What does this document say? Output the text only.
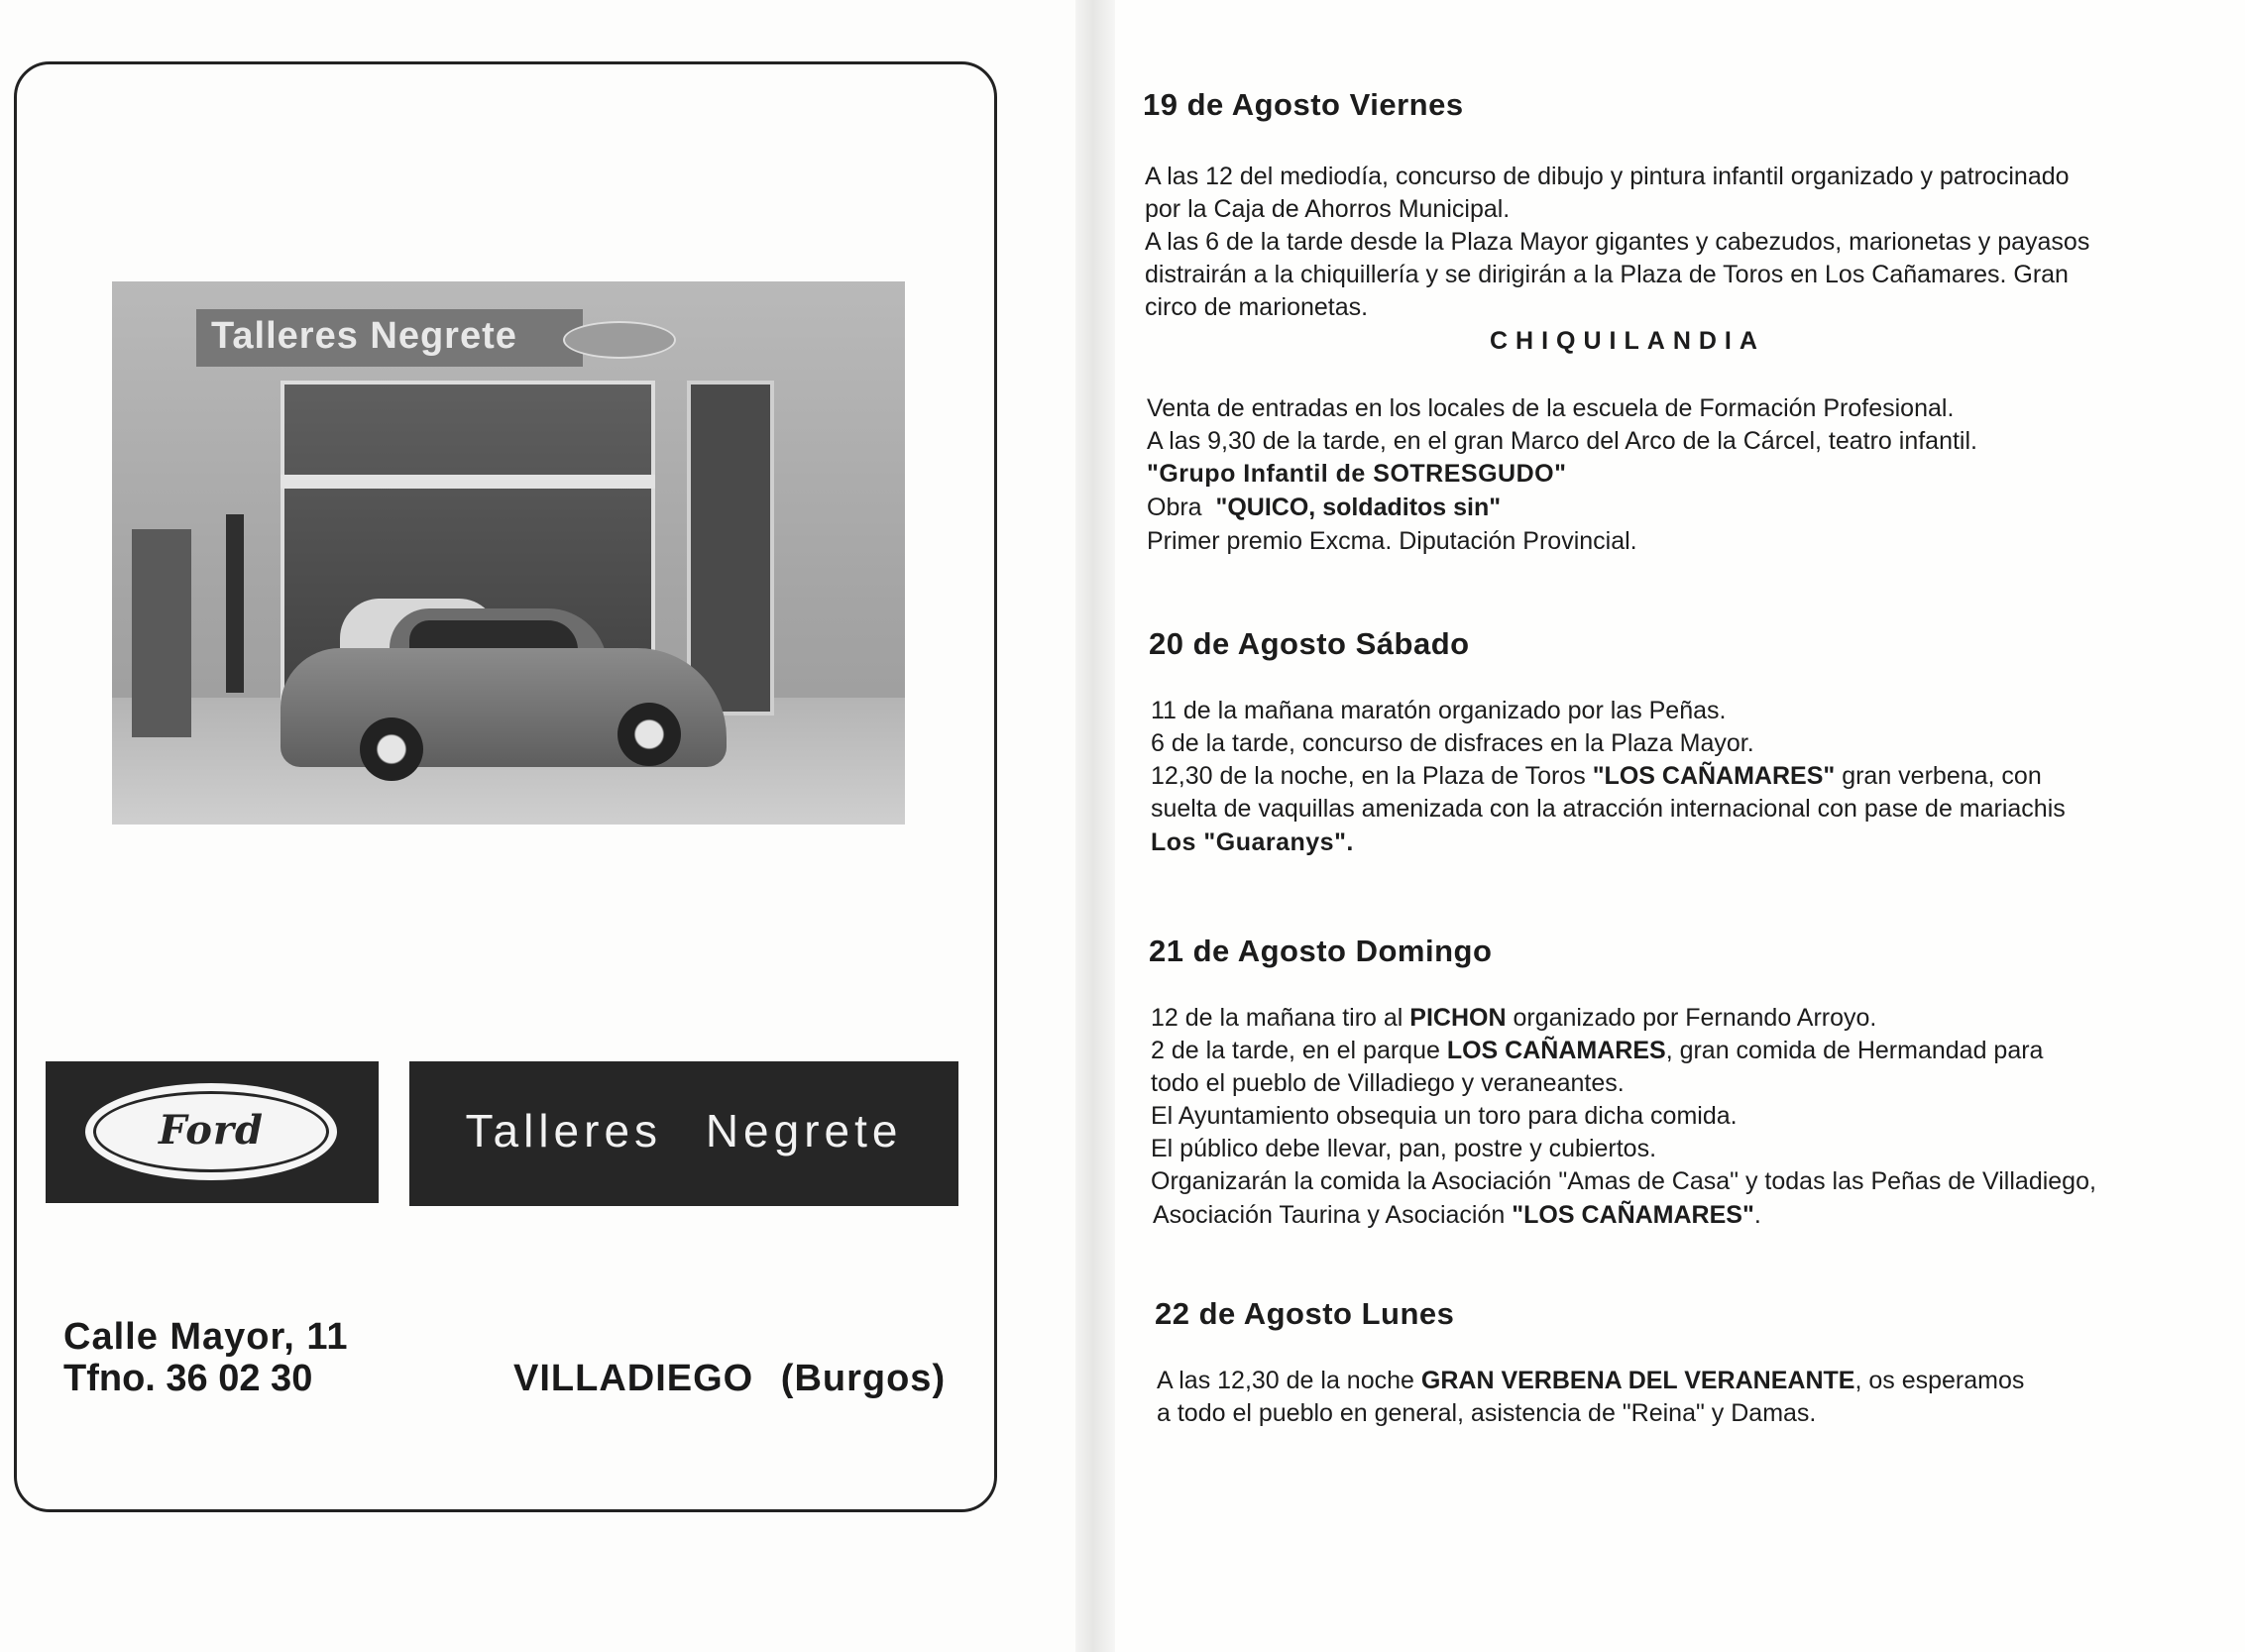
Talleres Negrete
Ford	Talleres Negrete
Calle Mayor, 11
Tfno. 36 02 30	VILLADIEGO (Burgos)
19 de Agosto Viernes
A las 12 del mediodía, concurso de dibujo y pintura infantil organizado y patrocinado
por la Caja de Ahorros Municipal.
A las 6 de la tarde desde la Plaza Mayor gigantes y cabezudos, marionetas y payasos
distrairán a la chiquillería y se dirigirán a la Plaza de Toros en Los Cañamares. Gran
circo de marionetas.
CHIQUILANDIA
Venta de entradas en los locales de la escuela de Formación Profesional.
A las 9,30 de la tarde, en el gran Marco del Arco de la Cárcel, teatro infantil.
"Grupo Infantil de SOTRESGUDO"
Obra "QUICO, soldaditos sin"
Primer premio Excma. Diputación Provincial.
20 de Agosto Sábado
11 de la mañana maratón organizado por las Peñas.
6 de la tarde, concurso de disfraces en la Plaza Mayor.
12,30 de la noche, en la Plaza de Toros "LOS CAÑAMARES" gran verbena, con
suelta de vaquillas amenizada con la atracción internacional con pase de mariachis
Los "Guaranys".
21 de Agosto Domingo
12 de la mañana tiro al PICHON organizado por Fernando Arroyo.
2 de la tarde, en el parque LOS CAÑAMARES, gran comida de Hermandad para
todo el pueblo de Villadiego y veraneantes.
El Ayuntamiento obsequia un toro para dicha comida.
El público debe llevar, pan, postre y cubiertos.
Organizarán la comida la Asociación "Amas de Casa" y todas las Peñas de Villadiego,
Asociación Taurina y Asociación "LOS CAÑAMARES".
22 de Agosto Lunes
A las 12,30 de la noche GRAN VERBENA DEL VERANEANTE, os esperamos
a todo el pueblo en general, asistencia de "Reina" y Damas.
